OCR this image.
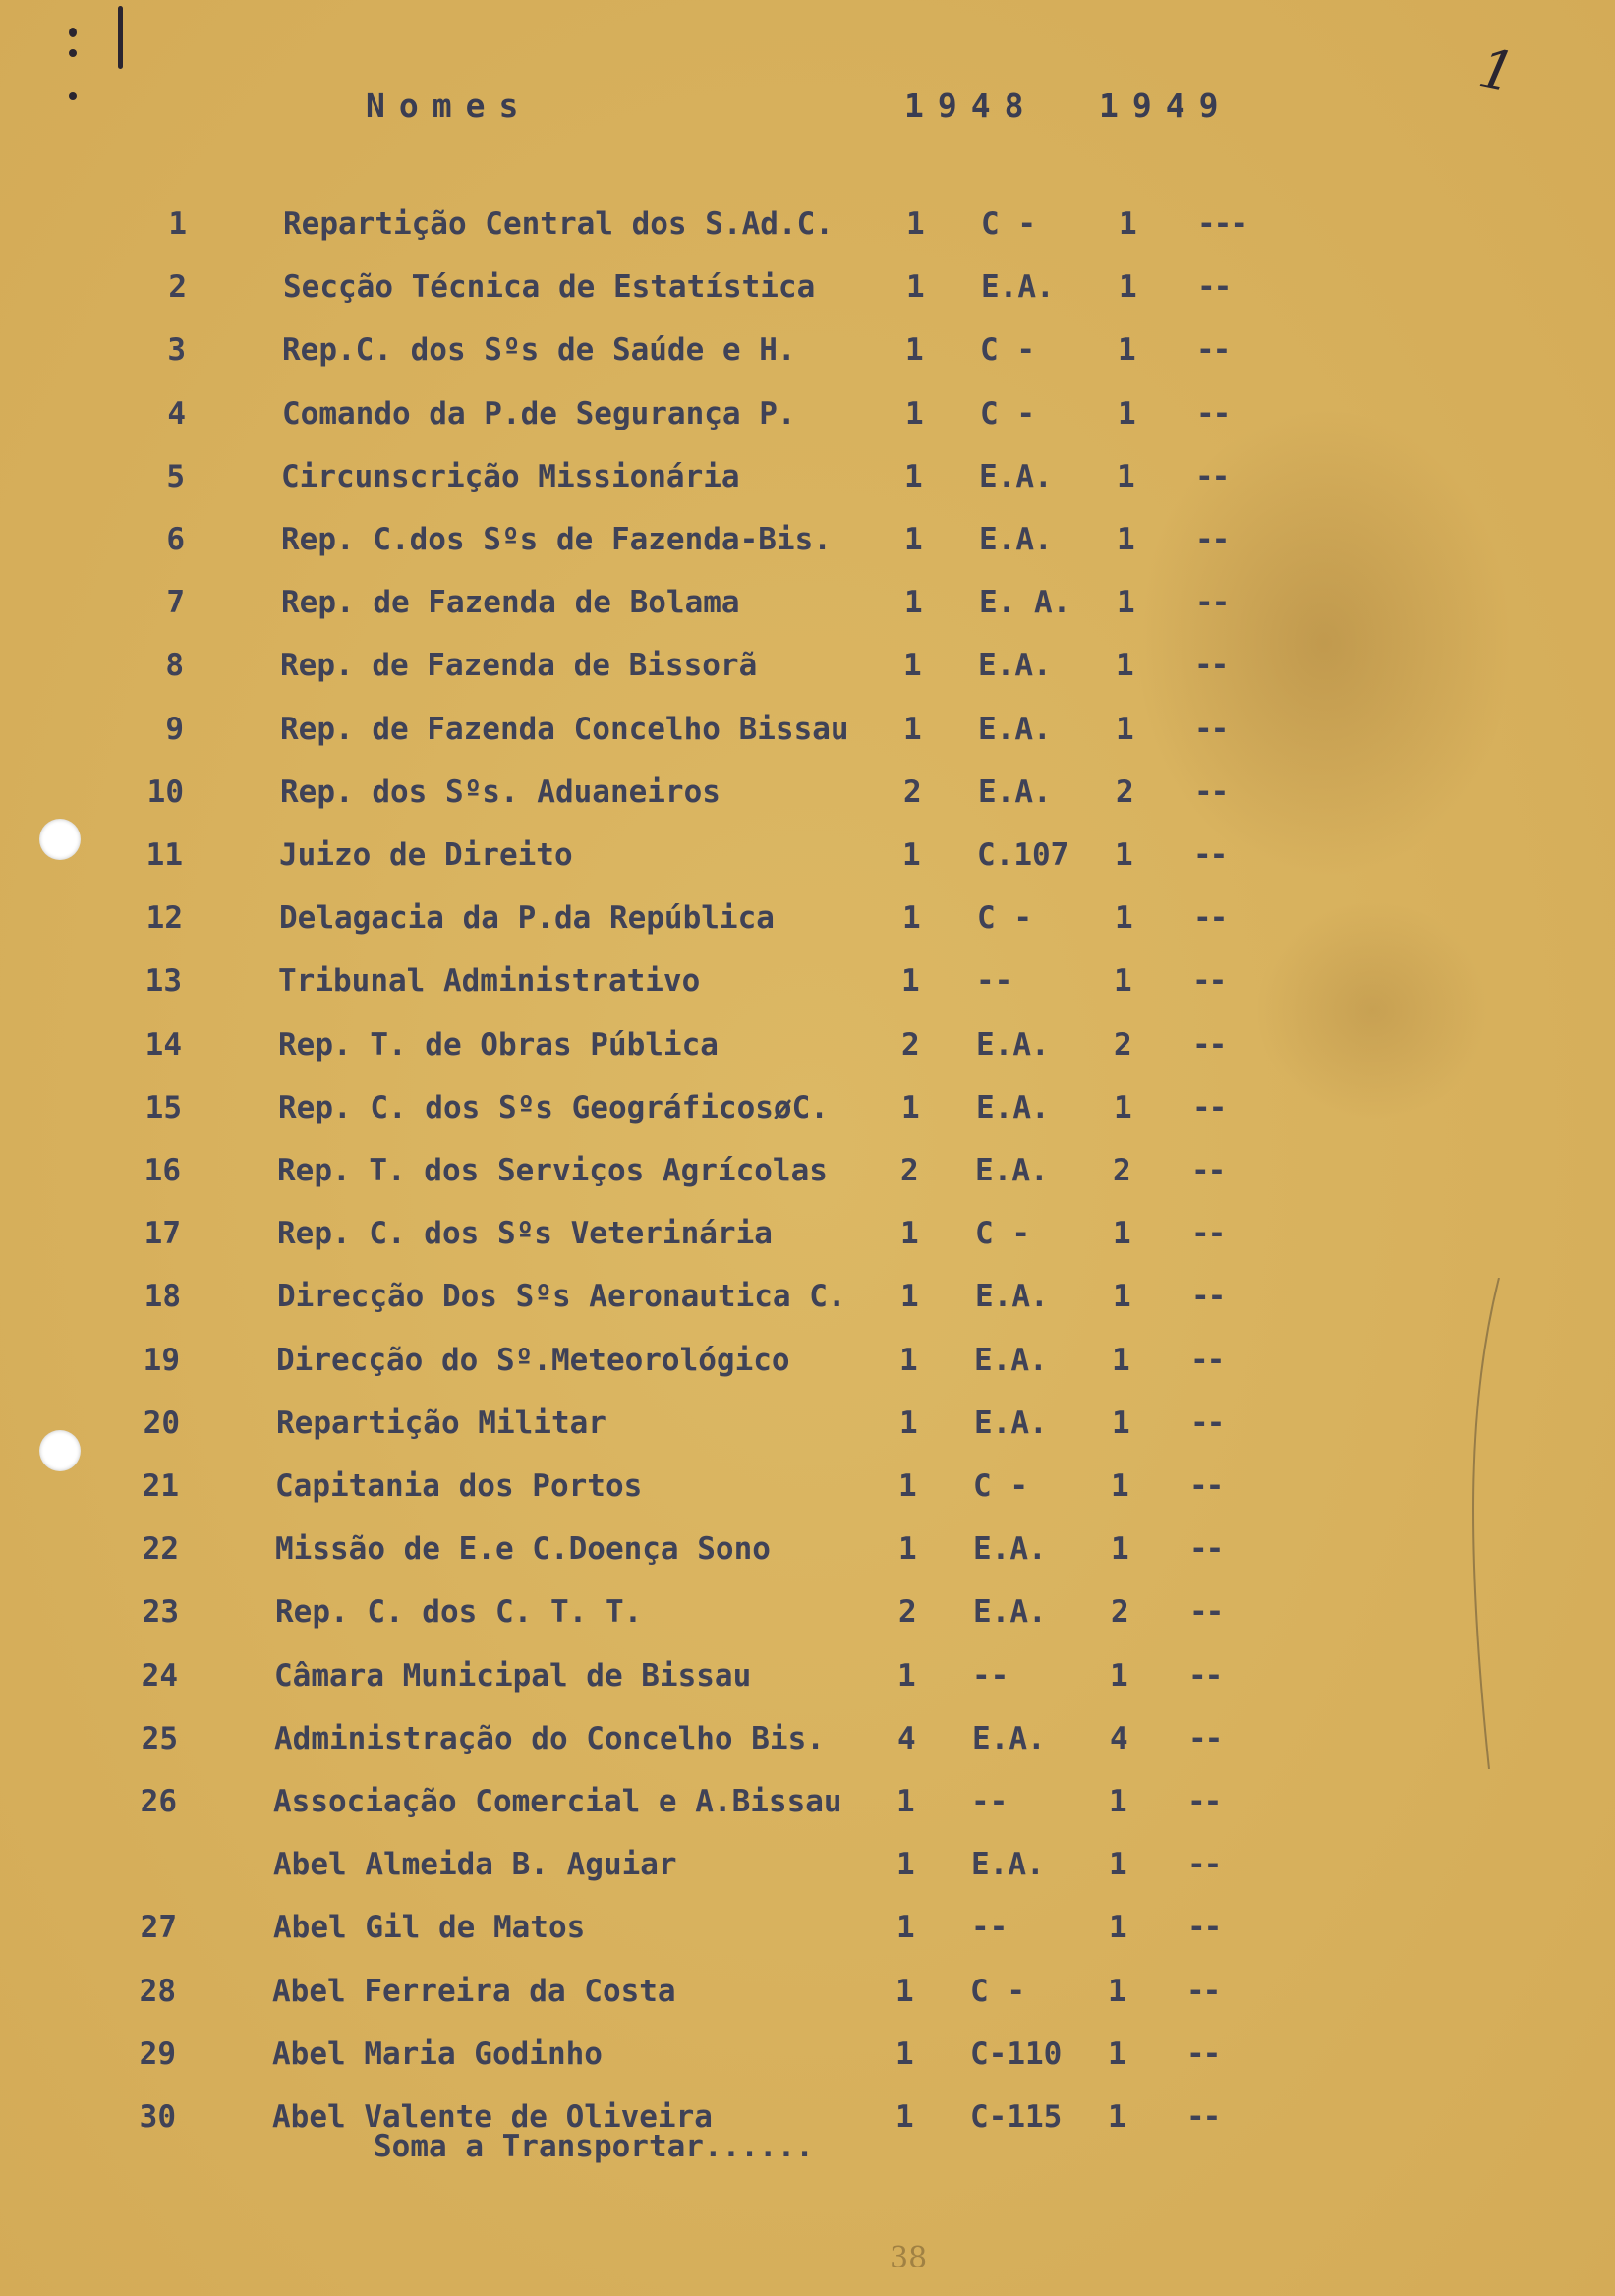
1
Nomes	1948 1949
1	Repartição Central dos S.Ad.C. 1 C -	1 ---
2	Secção Técnica de Estatística	1 E.A. 1 --
3	Rep.C. dos Sºs de Saúde e H.	1 C -	1 --
4	Comando da P.de Segurança P.	1 C -	1 --
5	Circunscrição Missionária	1 E.A. 1 --
6	Rep. C.dos Sºs de Fazenda-Bis. 1 E.A. 1 --
7	Rep. de Fazenda de Bolama	1 E. A. 1 --
8	Rep. de Fazenda de Bissorã	1 E.A. 1 --
9	Rep. de Fazenda Concelho Bissau 1 E.A. 1 --
10	Rep. dos Sºs. Aduaneiros	2 E.A. 2 --
11	Juizo de Direito	1 C.107 1 --
12	Delagacia da P.da República	1 C -	1 --
13	Tribunal Administrativo	1 --	1 --
14	Rep. T. de Obras Pública	2 E.A. 2 --
15	Rep. C. dos Sºs GeográficosøC. 1 E.A. 1 --
16	Rep. T. dos Serviços Agrícolas 2 E.A. 2 --
17	Rep. C. dos Sºs Veterinária	1 C -	1 --
18	Direcção Dos Sºs Aeronautica C. 1 E.A. 1 --
19	Direcção do Sº.Meteorológico	1 E.A. 1 --
20	Repartição Militar	1 E.A. 1 --
21	Capitania dos Portos	1 C -	1 --
22	Missão de E.e C.Doença Sono	1 E.A. 1 --
23	Rep. C. dos C. T. T.	2 E.A. 2 --
24	Câmara Municipal de Bissau	1 --	1 --
25	Administração do Concelho Bis. 4 E.A. 4 --
26	Associação Comercial e A.Bissau 1 --	1 --
Abel Almeida B. Aguiar	1 E.A. 1 --
27	Abel Gil de Matos	1 --	1 --
28	Abel Ferreira da Costa	1 C -	1 --
29	Abel Maria Godinho	1 C-110 1 --
30	Abel Valente de Oliveira	1 C-115 1 --
Soma a Transportar......
38
